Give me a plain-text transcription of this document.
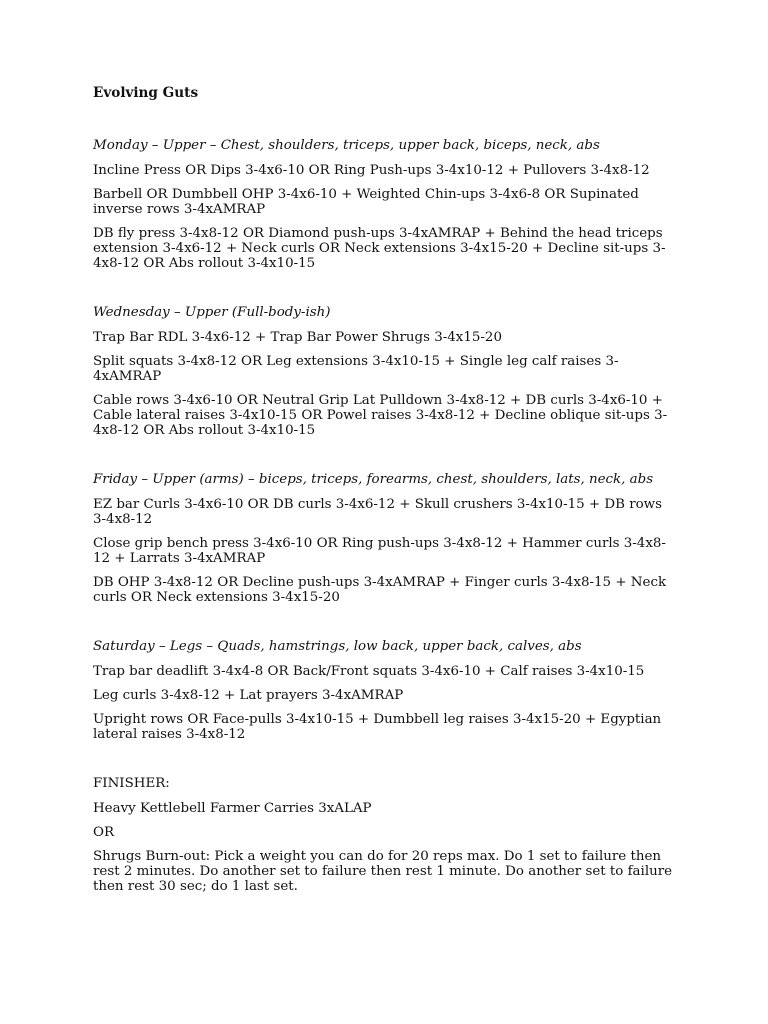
Evolving Guts
Monday – Upper – Chest, shoulders, triceps, upper back, biceps, neck, abs
Incline Press OR Dips 3-4x6-10 OR Ring Push-ups 3-4x10-12 + Pullovers 3-4x8-12
Barbell OR Dumbbell OHP 3-4x6-10 + Weighted Chin-ups 3-4x6-8 OR Supinated inverse rows 3-4xAMRAP
DB fly press 3-4x8-12 OR Diamond push-ups 3-4xAMRAP + Behind the head triceps extension 3-4x6-12 + Neck curls OR Neck extensions 3-4x15-20 + Decline sit-ups 3-4x8-12 OR Abs rollout 3-4x10-15
Wednesday – Upper (Full-body-ish)
Trap Bar RDL 3-4x6-12 + Trap Bar Power Shrugs 3-4x15-20
Split squats 3-4x8-12 OR Leg extensions 3-4x10-15 + Single leg calf raises 3-4xAMRAP
Cable rows 3-4x6-10 OR Neutral Grip Lat Pulldown 3-4x8-12 + DB curls 3-4x6-10 + Cable lateral raises 3-4x10-15 OR Powel raises 3-4x8-12 + Decline oblique sit-ups 3-4x8-12 OR Abs rollout 3-4x10-15
Friday – Upper (arms) – biceps, triceps, forearms, chest, shoulders, lats, neck, abs
EZ bar Curls 3-4x6-10 OR DB curls 3-4x6-12 + Skull crushers 3-4x10-15 + DB rows 3-4x8-12
Close grip bench press 3-4x6-10 OR Ring push-ups 3-4x8-12 + Hammer curls 3-4x8-12 + Larrats 3-4xAMRAP
DB OHP 3-4x8-12 OR Decline push-ups 3-4xAMRAP + Finger curls 3-4x8-15 + Neck curls OR Neck extensions 3-4x15-20
Saturday – Legs – Quads, hamstrings, low back, upper back, calves, abs
Trap bar deadlift 3-4x4-8 OR Back/Front squats 3-4x6-10 + Calf raises 3-4x10-15
Leg curls 3-4x8-12 + Lat prayers 3-4xAMRAP
Upright rows OR Face-pulls 3-4x10-15 + Dumbbell leg raises 3-4x15-20 + Egyptian lateral raises 3-4x8-12
FINISHER:
Heavy Kettlebell Farmer Carries 3xALAP
OR
Shrugs Burn-out: Pick a weight you can do for 20 reps max. Do 1 set to failure then rest 2 minutes. Do another set to failure then rest 1 minute. Do another set to failure then rest 30 sec; do 1 last set.
